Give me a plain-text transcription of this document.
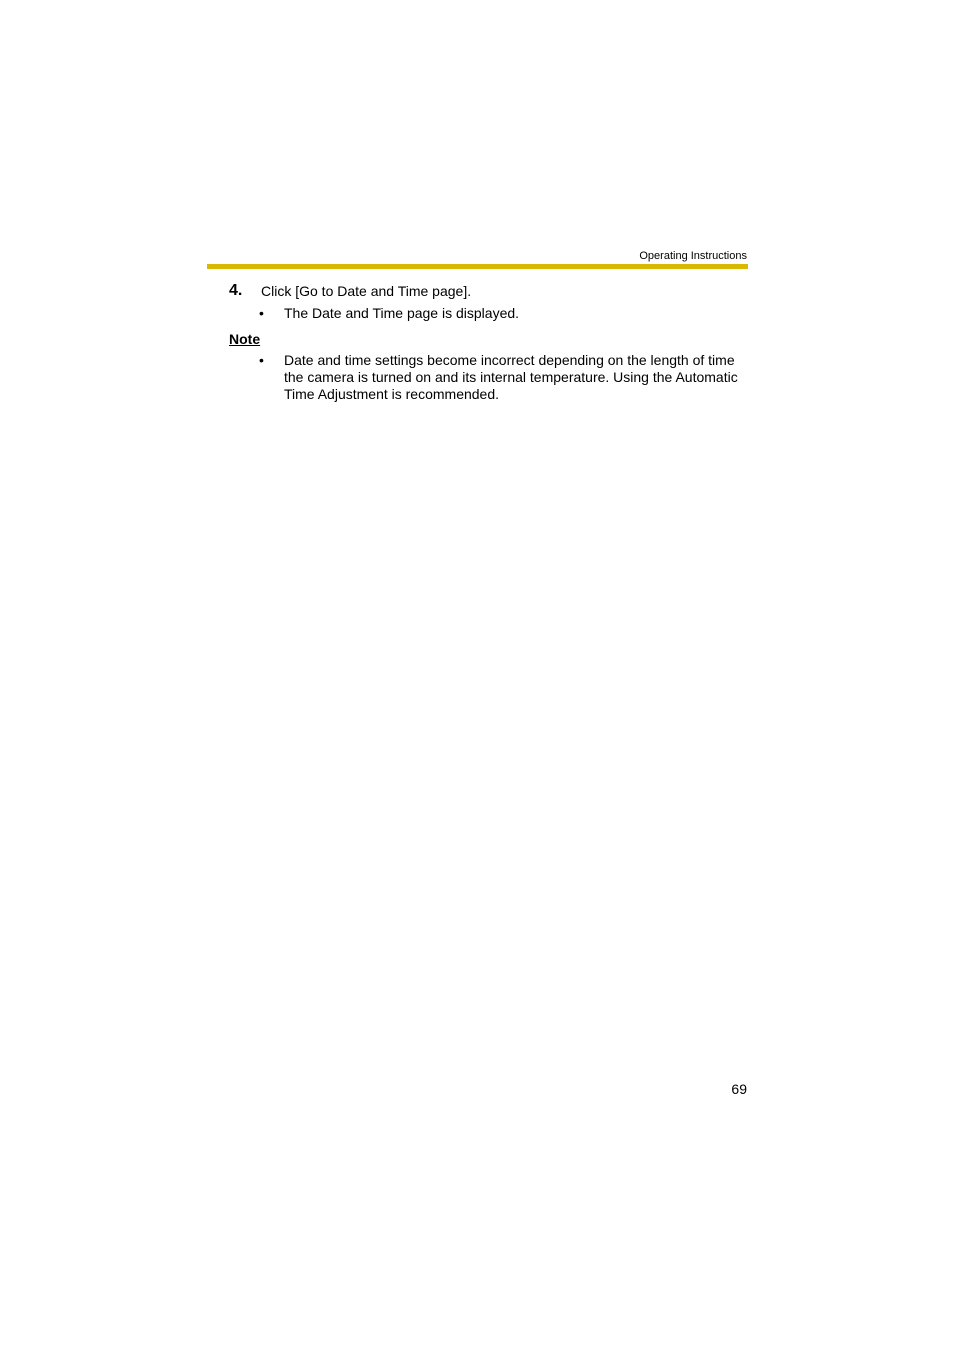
Operating Instructions
4. Click [Go to Date and Time page].
• The Date and Time page is displayed.
Note
• Date and time settings become incorrect depending on the length of time the camera is turned on and its internal temperature. Using the Automatic Time Adjustment is recommended.
69
